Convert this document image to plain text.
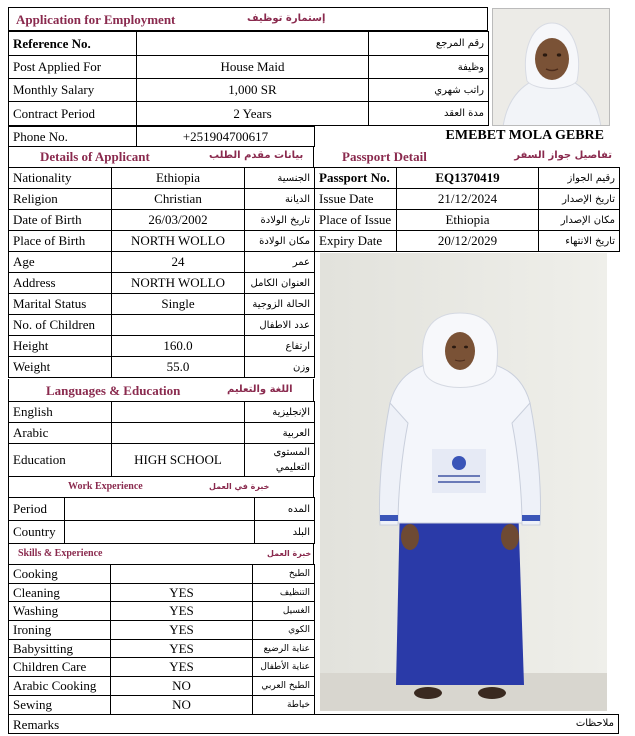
Application for Employment	إستمارة توظيف
Reference No.		رقم المرجع
Post Applied For	House Maid	وظيفة
Monthly Salary	1,000 SR	راتب شهري
Contract Period	2 Years	مدة العقد
Phone No.	+251904700617	EMEBET MOLA GEBRE
Details of Applicant	بيانات مقدم الطلب
Nationality	Ethiopia	الجنسية
Religion	Christian	الديانة
Date of Birth	26/03/2002	تاريخ الولادة
Place of Birth	NORTH WOLLO	مكان الولادة
Age	24	عمر
Address	NORTH WOLLO	العنوان الكامل
Marital Status	Single	الحالة الزوجية
No. of Children		عدد الاطفال
Height	160.0	ارتفاع
Weight	55.0	وزن
Languages & Education	اللغة والتعليم
English		الإنجليزية
Arabic		العربية
Education	HIGH SCHOOL	المستوى التعليمي
Work Experience	خبرة في العمل
Period		المده
Country		البلد
Skills & Experience	خبرة العمل
Cooking		الطبخ
Cleaning	YES	التنظيف
Washing	YES	الغسيل
Ironing	YES	الكوي
Babysitting	YES	عناية الرضيع
Children Care	YES	عناية الأطفال
Arabic Cooking	NO	الطبخ العربي
Sewing	NO	خياطة
Remarks	ملاحظات
Passport Detail	تفاصيل جواز السفر
Passport No.	EQ1370419	رقيم الجواز
Issue Date	21/12/2024	تاريخ الإصدار
Place of Issue	Ethiopia	مكان الإصدار
Expiry Date	20/12/2029	تاريخ الانتهاء
